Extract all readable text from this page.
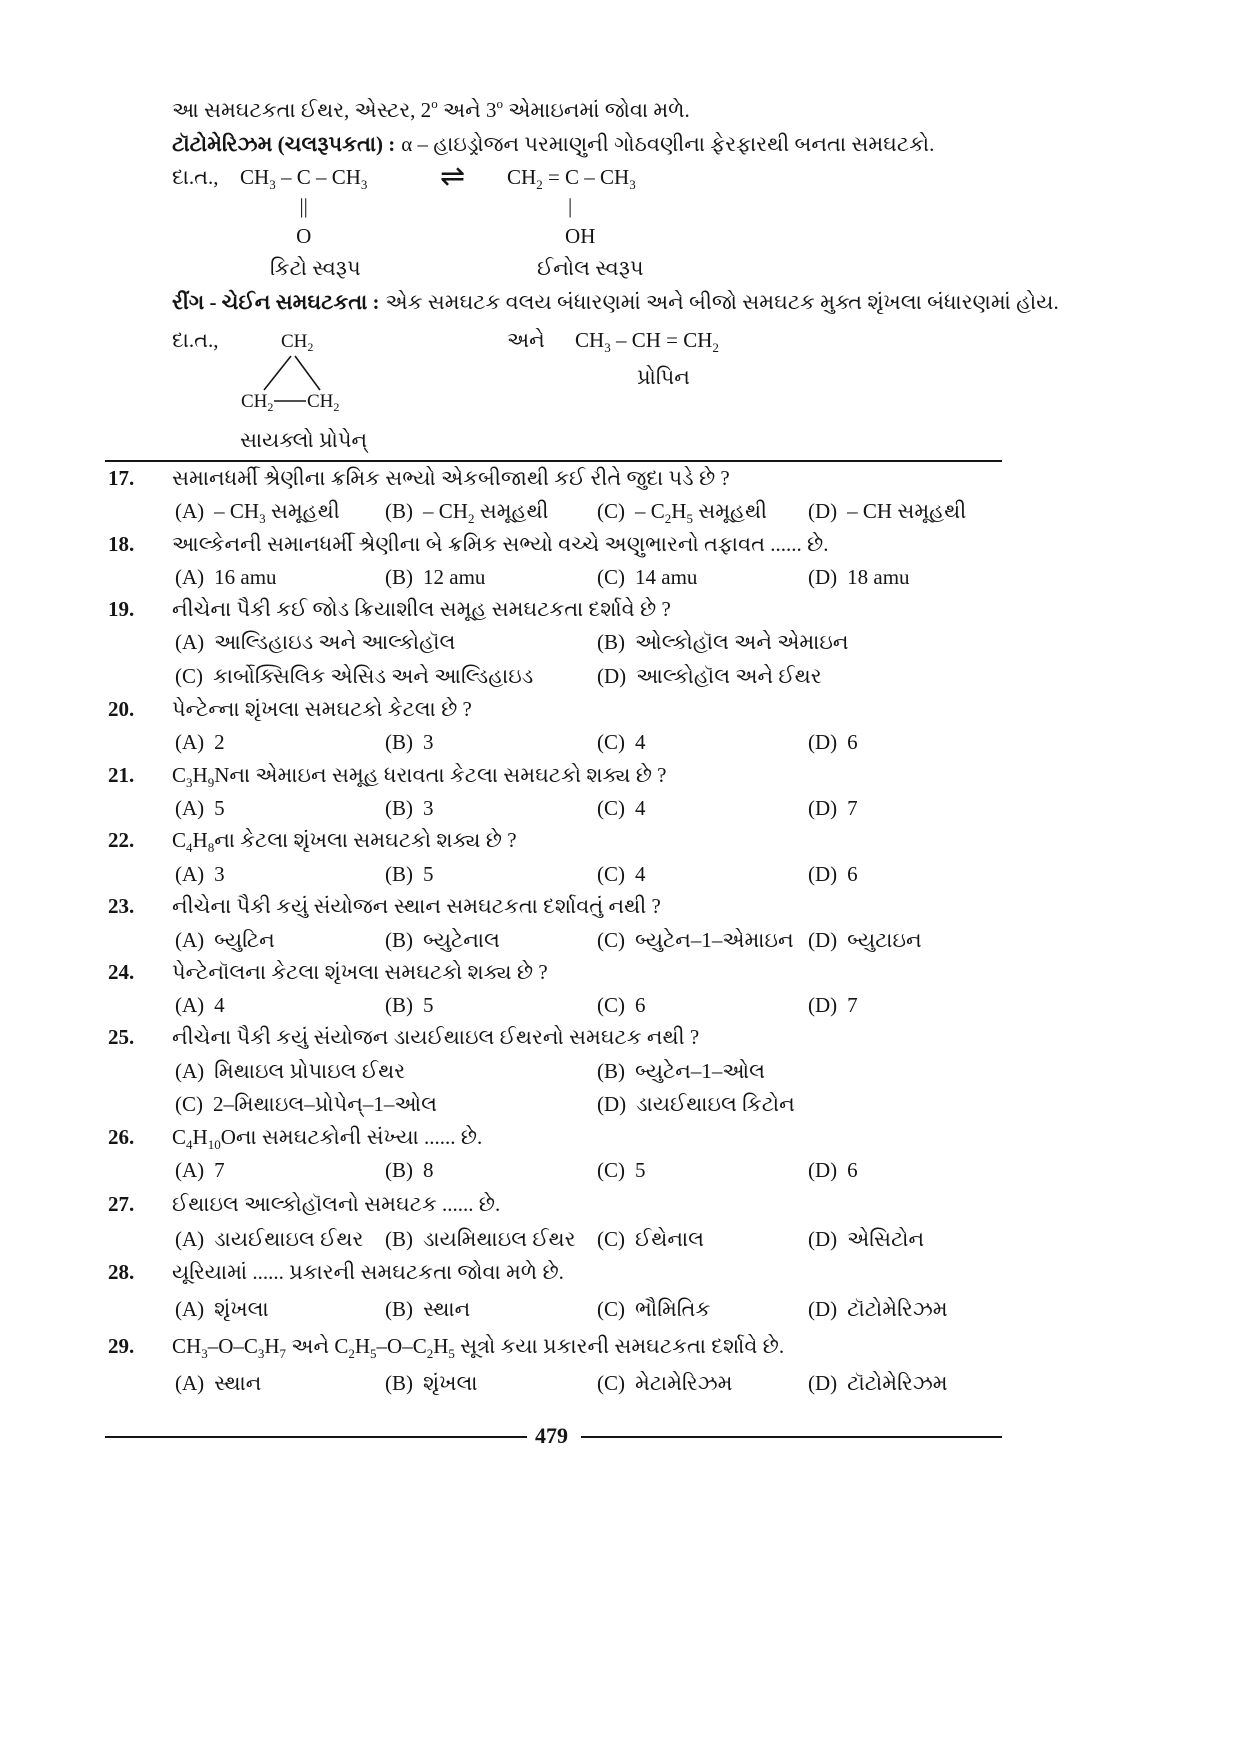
આ સમઘટકતા ઈથર, એસ્ટર, 2$^o$ અને 3$^o$ એમાઇનમાં જોવા મળે.
ટૉટોમેરિઝમ (ચલરૂપકતા) : α – હાઇડ્રોજન પરમાણુની ગોઠવણીના ફેરફારથી બનતા સમઘટકો.
દા.ત., $CH_3$ – C
||
O
– $CH_3$ ⇌ $CH_2 = C$
|
OH
– $CH_3$
કિટો સ્વરૂપ	ઈનોલ સ્વરૂપ
રીંગ - ચેઈન સમઘટકતા : એક સમઘટક વલય બંધારણમાં અને બીજો સમઘટક મુક્ત શૃંખલા બંધારણમાં હોય.
દા.ત.,	$CH_2$
$CH_2$ $CH_2$
સાયક્લો પ્રોપેન્
અને $CH_3$ – CH = $CH_2$
પ્રોપિન
17. સમાનધર્મી શ્રેણીના ક્રમિક સભ્યો એકબીજાથી કઈ રીતે જુદા પડે છે ?
$(A) - CH_3$ સમૂહથી $(B) - CH_2$ સમૂહથી $(C) - C_2H_5$ સમૂહથી (D) – CH સમૂહથી
18. આલ્કેનની સમાનધર્મી શ્રેણીના બે ક્રમિક સભ્યો વચ્ચે અણુભારનો તફાવત ...... છે.
(A) 16 amu	(B) 12 amu	(C) 14 amu	(D) 18 amu
19. નીચેના પૈકી કઈ જોડ ક્રિયાશીલ સમૂહ સમઘટકતા દર્શાવે છે ?
(A) આલ્ડિહાઇડ અને આલ્કોહૉલ	(B) ઓલ્કોહૉલ અને એમાઇન
(C) કાર્બોક્સિલિક એસિડ અને આલ્ડિહાઇડ	(D) આલ્કોહૉલ અને ઈથર
20. પેન્ટેન્ના શૃંખલા સમઘટકો કેટલા છે ?
(A) 2	(B) 3	(C) 4	(D) 6
21. $C_3H_9Nના$ એમાઇન સમૂહ ધરાવતા કેટલા સમઘટકો શક્ય છે ?
(A) 5	(B) 3	(C) 4	(D) 7
22. $C_4H_8ના$ કેટલા શૃંખલા સમઘટકો શક્ય છે ?
(A) 3	(B) 5	(C) 4	(D) 6
23. નીચેના પૈકી કયું સંયોજન સ્થાન સમઘટકતા દર્શાવતું નથી ?
(A) બ્યુટિન	(B) બ્યુટેનાલ	(C) બ્યુટેન–1–એમાઇન (D) બ્યુટાઇન
24. પેન્ટેનૉલના કેટલા શૃંખલા સમઘટકો શક્ય છે ?
(A) 4	(B) 5	(C) 6	(D) 7
25. નીચેના પૈકી કયું સંયોજન ડાયઈથાઇલ ઈથરનો સમઘટક નથી ?
(A) મિથાઇલ પ્રોપાઇલ ઈથર	(B) બ્યુટેન–1–ઓલ
(C) 2–મિથાઇલ–પ્રોપેન્–1–ઓલ	(D) ડાયઈથાઇલ કિટોન
26. $C_4H_{10}Oના$ સમઘટકોની સંખ્યા ...... છે.
(A) 7	(B) 8	(C) 5	(D) 6
27. ઈથાઇલ આલ્કોહૉલનો સમઘટક ...... છે.
(A) ડાયઈથાઇલ ઈથર (B) ડાયમિથાઇલ ઈથર (C) ઈથેનાલ	(D) એસિટોન
28. યૂરિયામાં ...... પ્રકારની સમઘટકતા જોવા મળે છે.
(A) શૃંખલા	(B) સ્થાન	(C) ભૌમિતિક	(D) ટૉટોમેરિઝમ
29. $CH_3-O-C_3H_7$ અને $C_2H_5-O-C_2H_5$ સૂત્રો કયા પ્રકારની સમઘટકતા દર્શાવે છે.
(A) સ્થાન	(B) શૃંખલા	(C) મેટામેરિઝમ	(D) ટૉટોમેરિઝમ
479
